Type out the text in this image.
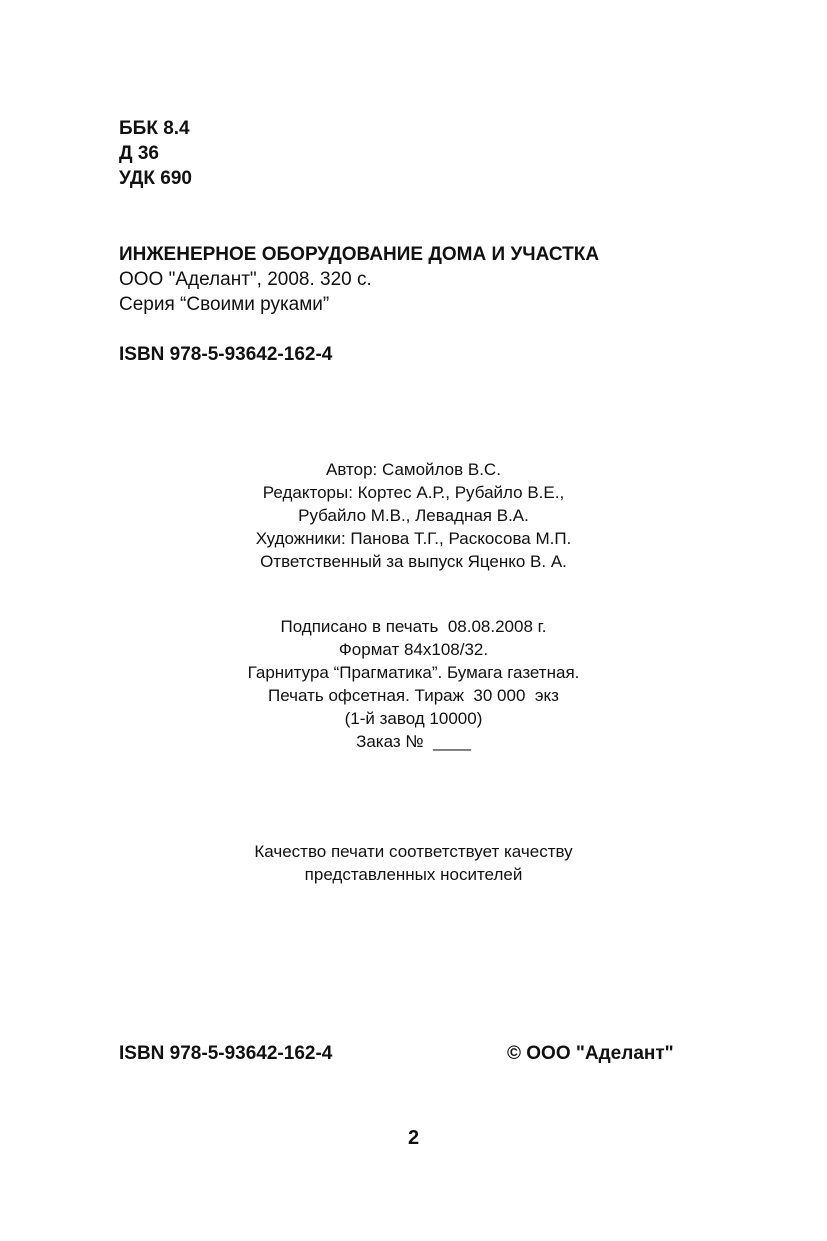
ББК 8.4
Д 36
УДК 690
ИНЖЕНЕРНОЕ ОБОРУДОВАНИЕ ДОМА И УЧАСТКА
ООО "Аделант", 2008. 320 с.
Серия “Своими руками”
ISBN 978-5-93642-162-4
Автор: Самойлов В.С.
Редакторы: Кортес А.Р., Рубайло В.Е.,
Рубайло М.В., Левадная В.А.
Художники: Панова Т.Г., Раскосова М.П.
Ответственный за выпуск Яценко В. А.
Подписано в печать  08.08.2008 г.
Формат 84x108/32.
Гарнитура “Прагматика”. Бумага газетная.
Печать офсетная. Тираж  30 000  экз
(1-й завод 10000)
Заказ №  ____
Качество печати соответствует качеству
представленных носителей
ISBN 978-5-93642-162-4	© ООО "Аделант"
2
